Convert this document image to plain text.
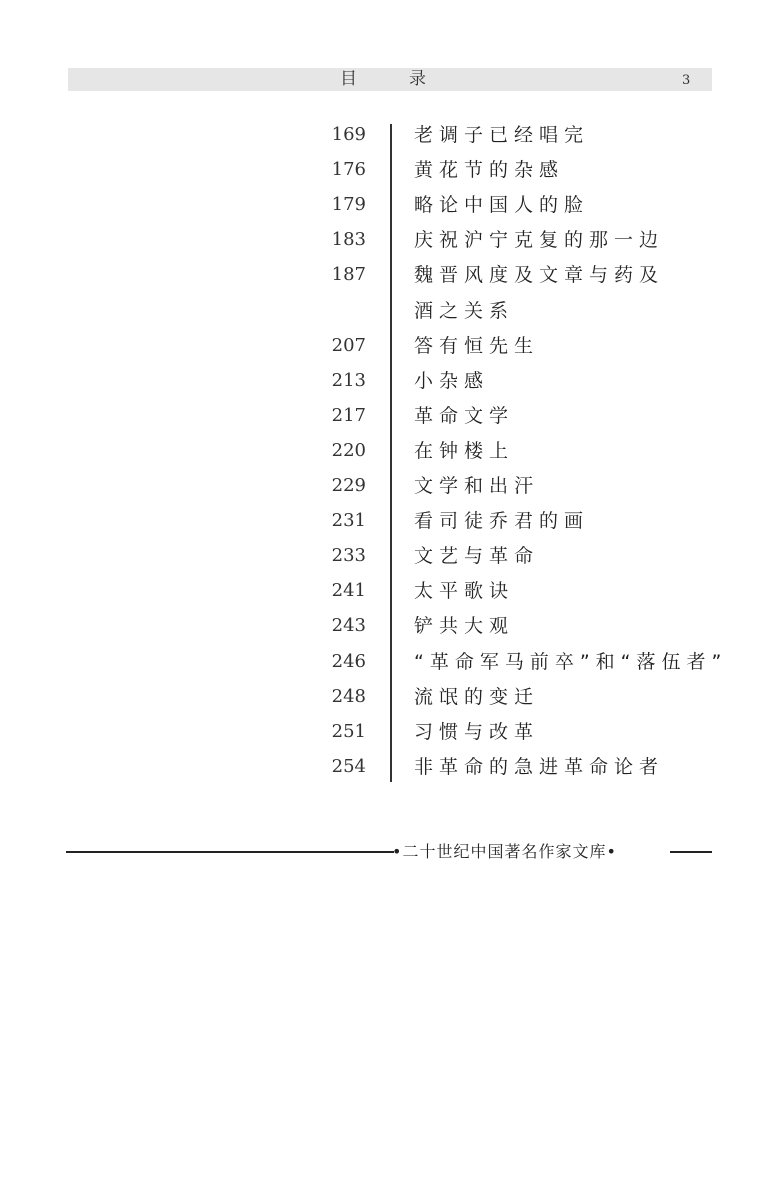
目录	3
169	老调子已经唱完
176	黄花节的杂感
179	略论中国人的脸
183	庆祝沪宁克复的那一边
187	魏晋风度及文章与药及
酒之关系
207	答有恒先生
213	小杂感
217	革命文学
220	在钟楼上
229	文学和出汗
231	看司徒乔君的画
233	文艺与革命
241	太平歌诀
243	铲共大观
246	“革命军马前卒”和“落伍者”
248	流氓的变迁
251	习惯与改革
254	非革命的急进革命论者
•二十世纪中国著名作家文库•
